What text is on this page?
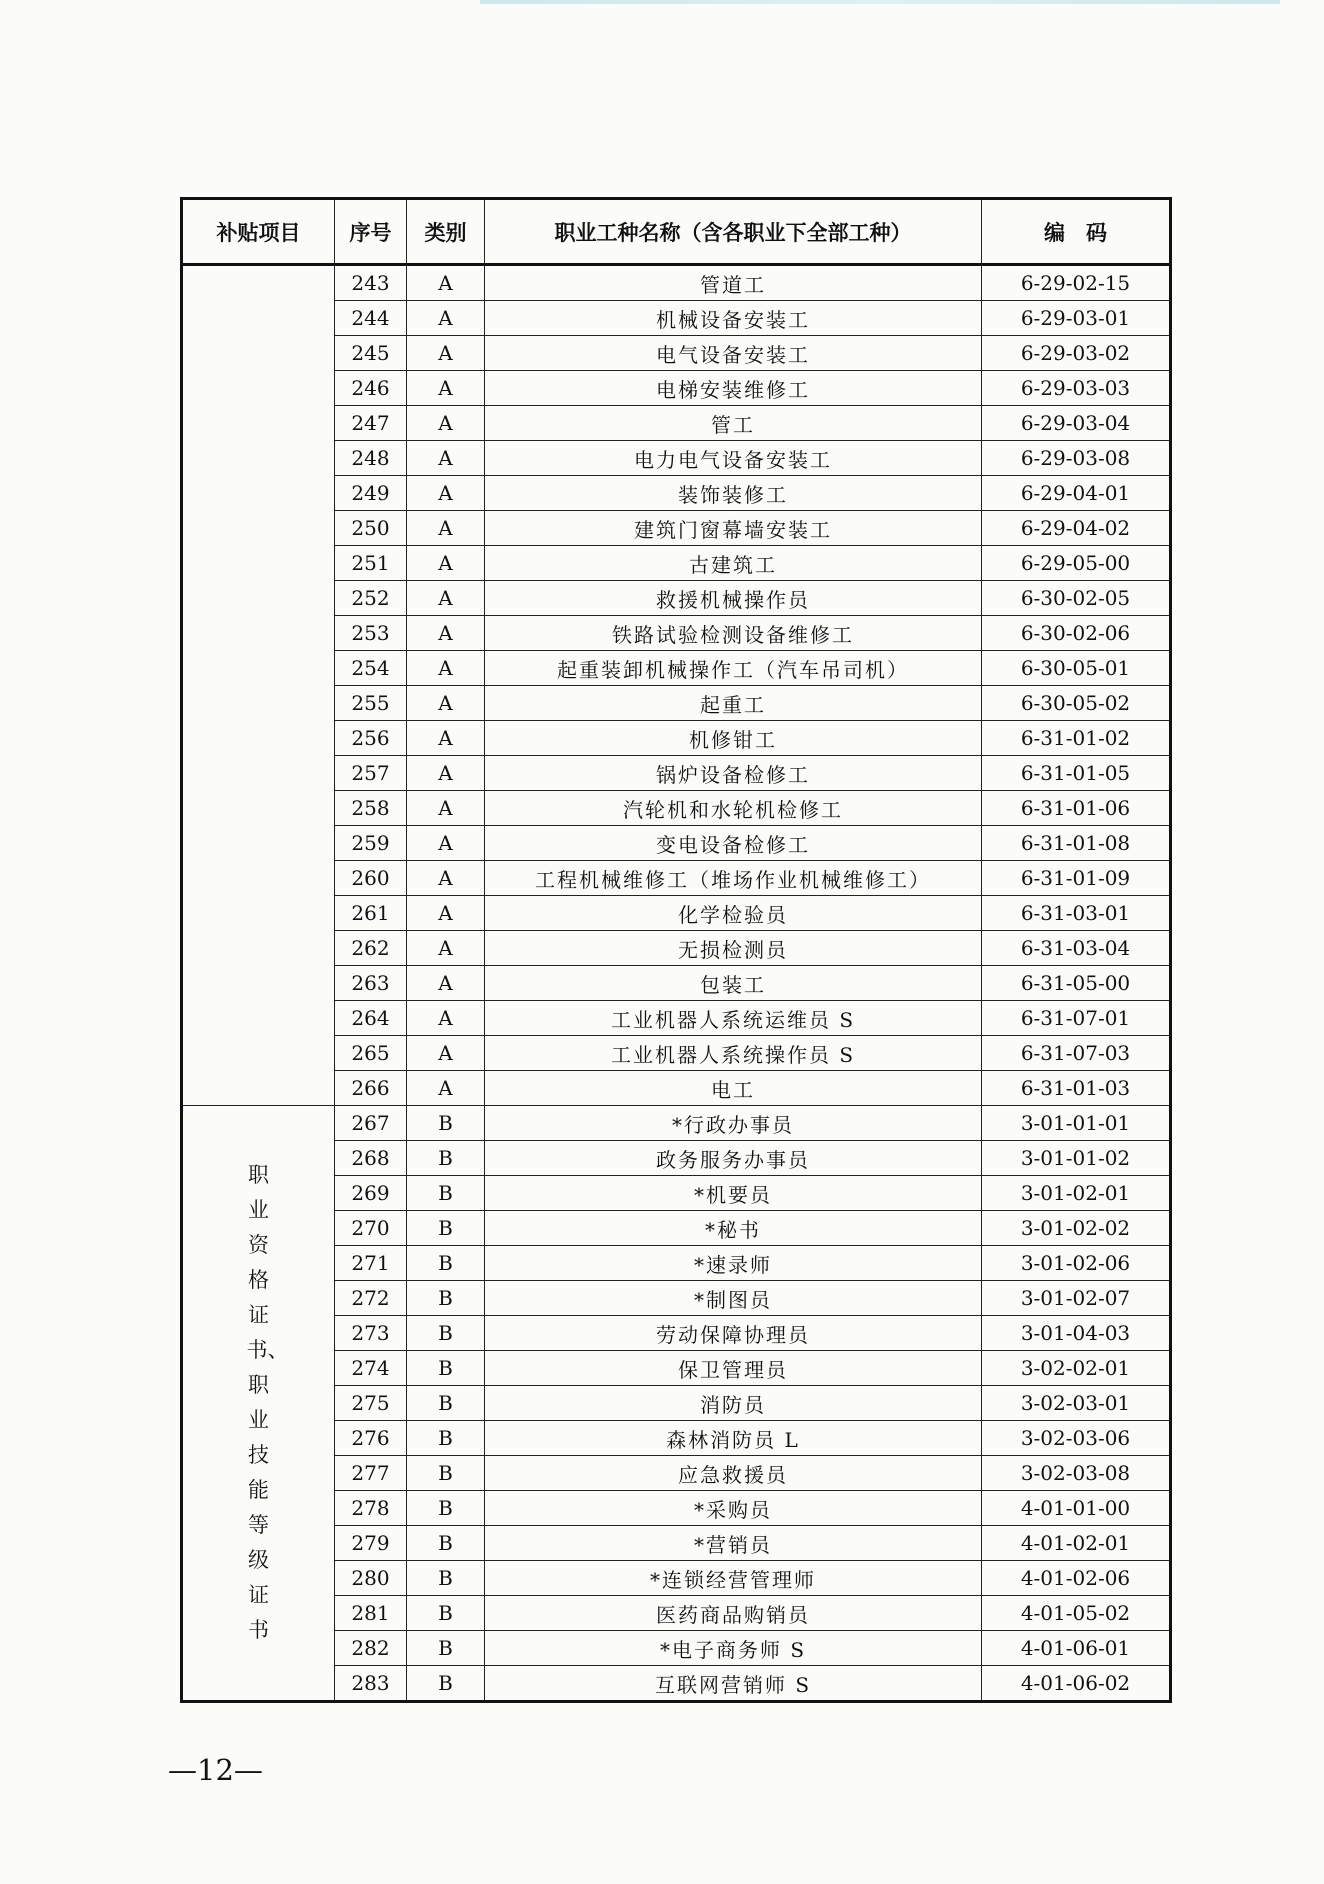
补贴项目	序号	类别	职业工种名称（含各职业下全部工种）	编　码
	243	A	管道工	6-29-02-15
	244	A	机械设备安装工	6-29-03-01
	245	A	电气设备安装工	6-29-03-02
	246	A	电梯安装维修工	6-29-03-03
	247	A	管工	6-29-03-04
	248	A	电力电气设备安装工	6-29-03-08
	249	A	装饰装修工	6-29-04-01
	250	A	建筑门窗幕墙安装工	6-29-04-02
	251	A	古建筑工	6-29-05-00
	252	A	救援机械操作员	6-30-02-05
	253	A	铁路试验检测设备维修工	6-30-02-06
	254	A	起重装卸机械操作工（汽车吊司机）	6-30-05-01
	255	A	起重工	6-30-05-02
	256	A	机修钳工	6-31-01-02
	257	A	锅炉设备检修工	6-31-01-05
	258	A	汽轮机和水轮机检修工	6-31-01-06
	259	A	变电设备检修工	6-31-01-08
	260	A	工程机械维修工（堆场作业机械维修工）	6-31-01-09
	261	A	化学检验员	6-31-03-01
	262	A	无损检测员	6-31-03-04
	263	A	包装工	6-31-05-00
	264	A	工业机器人系统运维员 S	6-31-07-01
	265	A	工业机器人系统操作员 S	6-31-07-03
	266	A	电工	6-31-01-03
职业资格证书、职业技能等级证书	267	B	*行政办事员	3-01-01-01
	268	B	政务服务办事员	3-01-01-02
	269	B	*机要员	3-01-02-01
	270	B	*秘书	3-01-02-02
	271	B	*速录师	3-01-02-06
	272	B	*制图员	3-01-02-07
	273	B	劳动保障协理员	3-01-04-03
	274	B	保卫管理员	3-02-02-01
	275	B	消防员	3-02-03-01
	276	B	森林消防员 L	3-02-03-06
	277	B	应急救援员	3-02-03-08
	278	B	*采购员	4-01-01-00
	279	B	*营销员	4-01-02-01
	280	B	*连锁经营管理师	4-01-02-06
	281	B	医药商品购销员	4-01-05-02
	282	B	*电子商务师 S	4-01-06-01
	283	B	互联网营销师 S	4-01-06-02
—12—
